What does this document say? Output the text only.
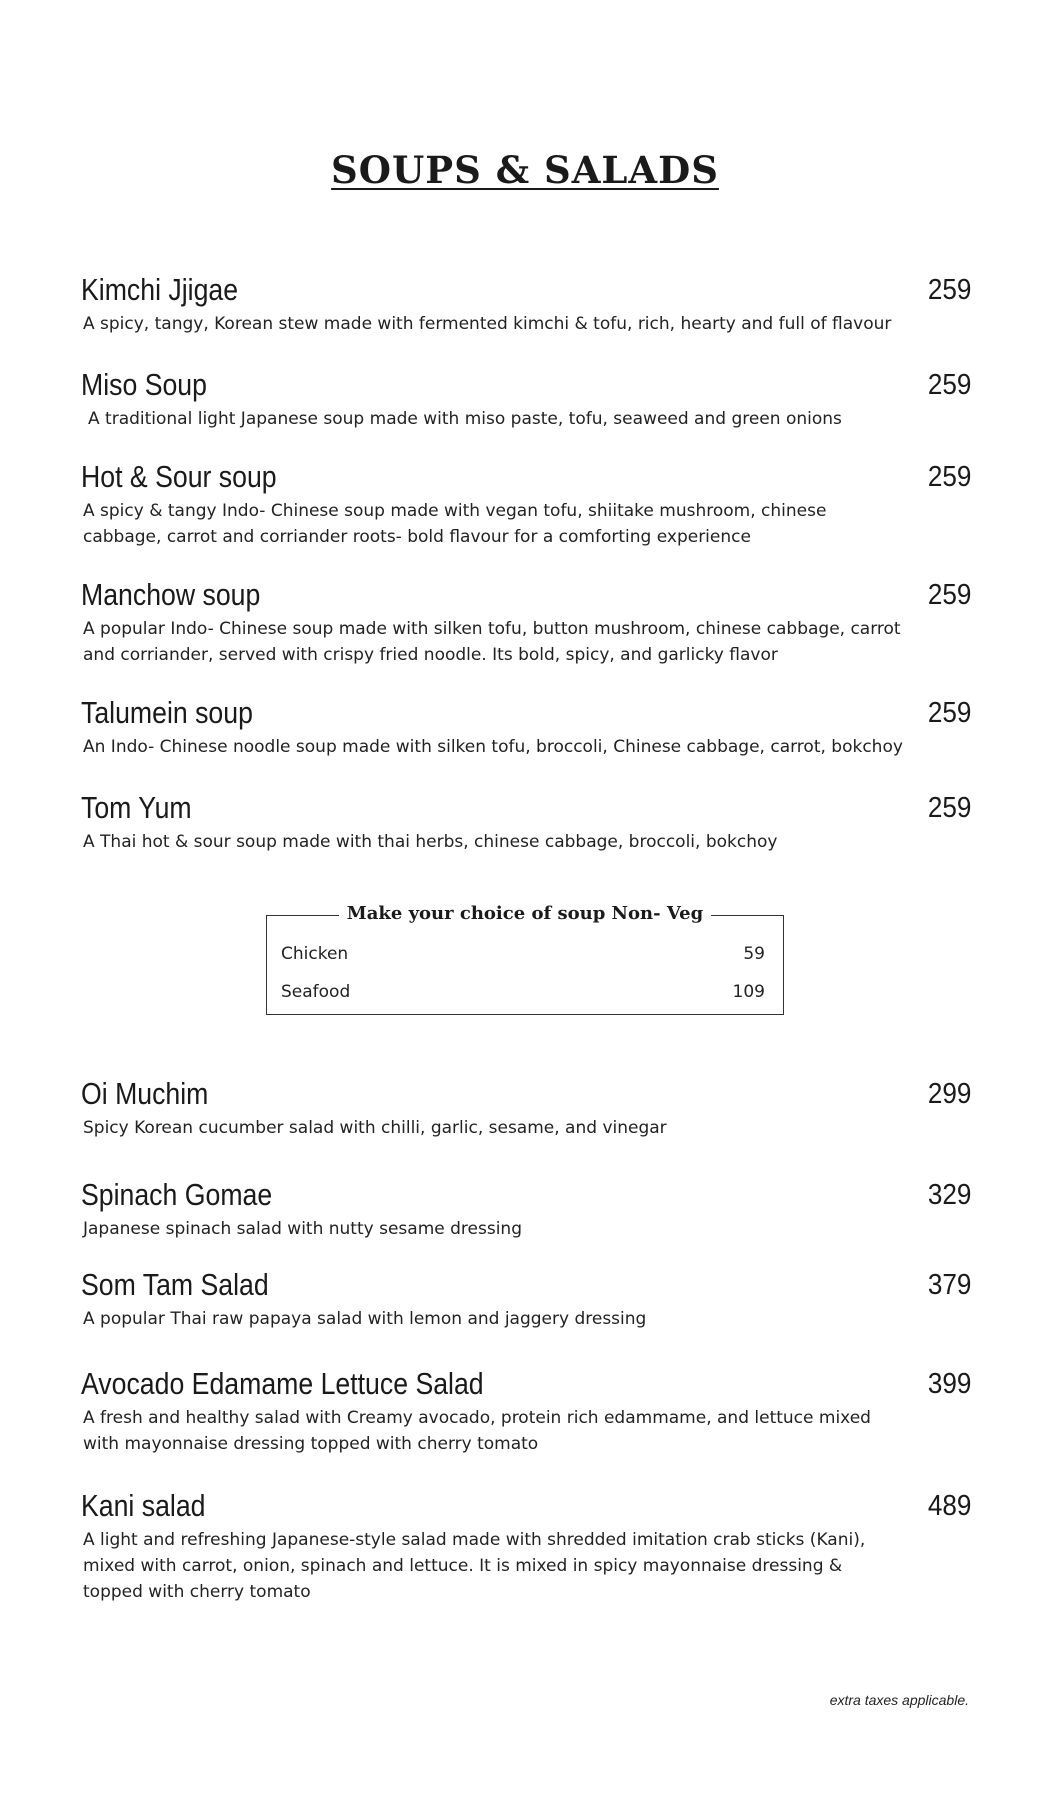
SOUPS & SALADS
Kimchi Jjigae	259
A spicy, tangy, Korean stew made with fermented kimchi & tofu, rich, hearty and full of flavour
Miso Soup	259
A traditional light Japanese soup made with miso paste, tofu, seaweed and green onions
Hot & Sour soup	259
A spicy & tangy Indo- Chinese soup made with vegan tofu, shiitake mushroom, chinese cabbage, carrot and corriander roots- bold flavour for a comforting experience
Manchow soup	259
A popular Indo- Chinese soup made with silken tofu, button mushroom, chinese cabbage, carrot and corriander, served with crispy fried noodle. Its bold, spicy, and garlicky flavor
Talumein soup	259
An Indo- Chinese noodle soup made with silken tofu, broccoli, Chinese cabbage, carrot, bokchoy
Tom Yum	259
A Thai hot & sour soup made with thai herbs, chinese cabbage, broccoli, bokchoy
Make your choice of soup Non- Veg
Chicken	59
Seafood	109
Oi Muchim	299
Spicy Korean cucumber salad with chilli, garlic, sesame, and vinegar
Spinach Gomae	329
Japanese spinach salad with nutty sesame dressing
Som Tam Salad	379
A popular Thai raw papaya salad with lemon and jaggery dressing
Avocado Edamame Lettuce Salad	399
A fresh and healthy salad with Creamy avocado, protein rich edammame, and lettuce mixed with mayonnaise dressing topped with cherry tomato
Kani salad	489
A light and refreshing Japanese-style salad made with shredded imitation crab sticks (Kani), mixed with carrot, onion, spinach and lettuce. It is mixed in spicy mayonnaise dressing & topped with cherry tomato
extra taxes applicable.
